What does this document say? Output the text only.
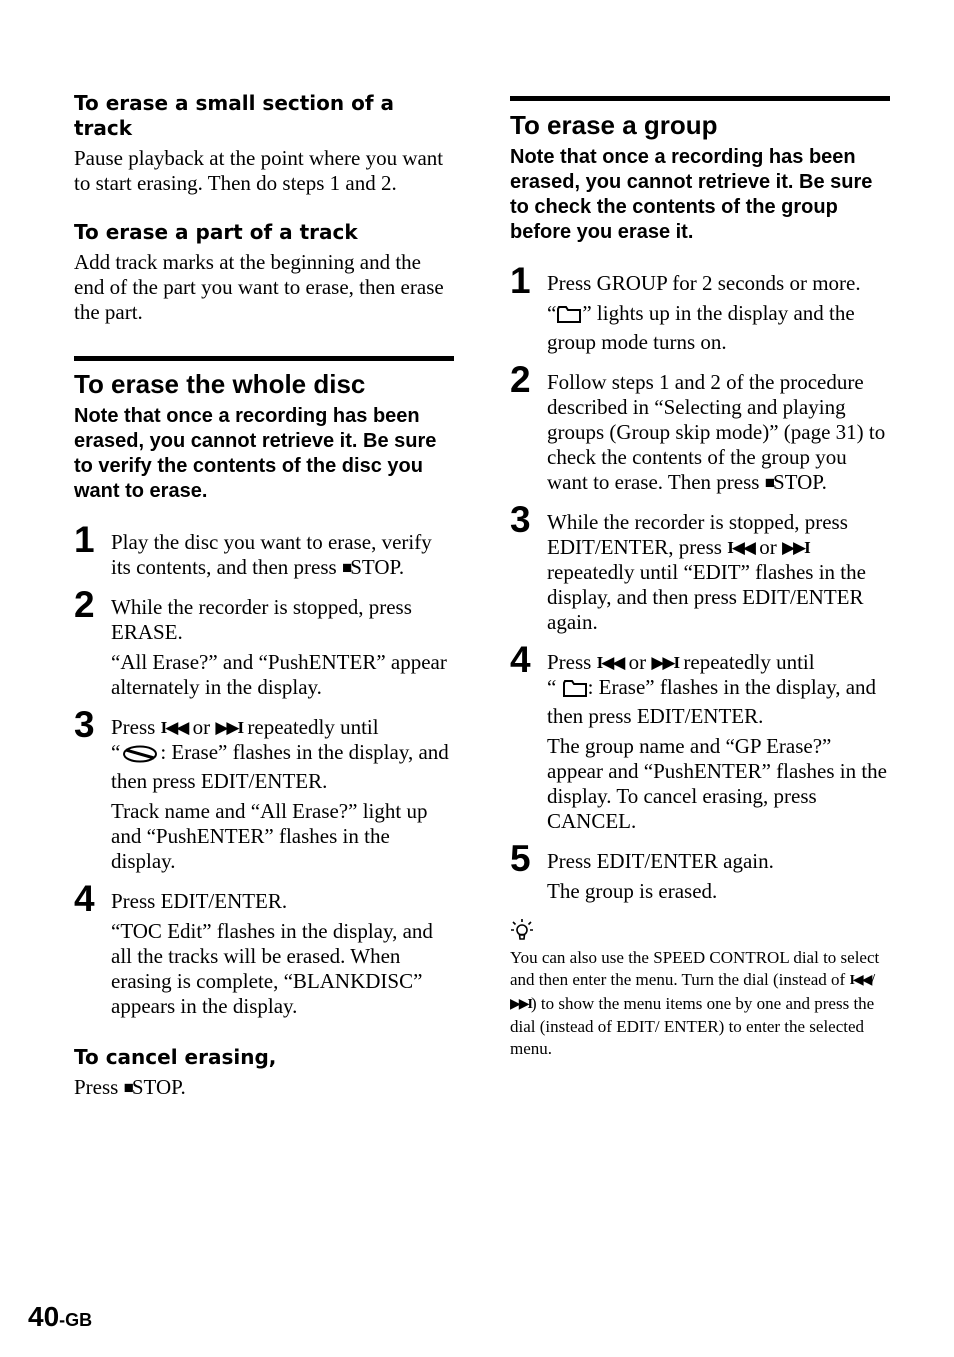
To erase a small section of a track

Pause playback at the point where you want to start erasing. Then do steps 1 and 2.

To erase a part of a track

Add track marks at the beginning and the end of the part you want to erase, then erase the part.

To erase the whole disc

Note that once a recording has been erased, you cannot retrieve it. Be sure to verify the contents of the disc you want to erase.

1 Play the disc you want to erase, verify its contents, and then press ■STOP.

2 While the recorder is stopped, press ERASE.

“All Erase?” and “PushENTER” appear alternately in the display.

3 Press I◀◀ or ▶▶I repeatedly until
“ : Erase” flashes in the display, and then press EDIT/ENTER.

Track name and “All Erase?” light up and “PushENTER” flashes in the display.

4 Press EDIT/ENTER.

“TOC Edit” flashes in the display, and all the tracks will be erased. When erasing is complete, “BLANKDISC” appears in the display.

To cancel erasing,

Press ■STOP.

To erase a group

Note that once a recording has been erased, you cannot retrieve it. Be sure to check the contents of the group before you erase it.

1 Press GROUP for 2 seconds or more.

“ ” lights up in the display and the group mode turns on.

2 Follow steps 1 and 2 of the procedure described in “Selecting and playing groups (Group skip mode)” (page 31) to check the contents of the group you want to erase. Then press ■STOP.

3 While the recorder is stopped, press EDIT/ENTER, press I◀◀ or ▶▶I repeatedly until “EDIT” flashes in the display, and then press EDIT/ENTER again.

4 Press I◀◀ or ▶▶I repeatedly until
“ : Erase” flashes in the display, and then press EDIT/ENTER.

The group name and “GP Erase?” appear and “PushENTER” flashes in the display. To cancel erasing, press CANCEL.

5 Press EDIT/ENTER again.

The group is erased.

You can also use the SPEED CONTROL dial to select and then enter the menu. Turn the dial (instead of I◀◀/▶▶I) to show the menu items one by one and press the dial (instead of EDIT/ ENTER) to enter the selected menu.

40-GB
